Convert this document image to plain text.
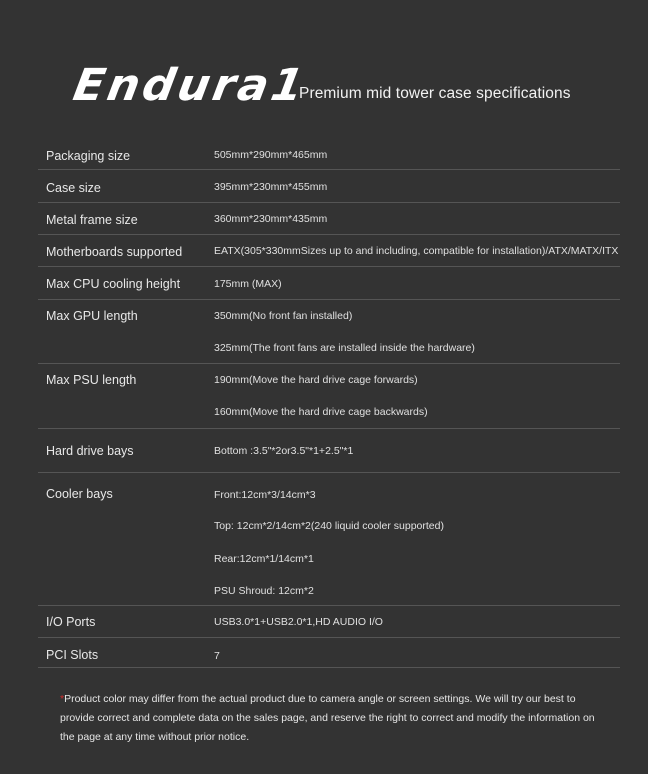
Endura1
Premium mid tower case specifications
Packaging size	505mm*290mm*465mm
Case size	395mm*230mm*455mm
Metal frame size	360mm*230mm*435mm
Motherboards supported	EATX(305*330mmSizes up to and including, compatible for installation)/ATX/MATX/ITX
Max CPU cooling height	175mm (MAX)
Max GPU length	350mm(No front fan installed)
325mm(The front fans are installed inside the hardware)
Max PSU length	190mm(Move the hard drive cage forwards)
160mm(Move the hard drive cage backwards)
Hard drive bays	Bottom :3.5"*2or3.5"*1+2.5"*1
Cooler bays	Front:12cm*3/14cm*3
Top: 12cm*2/14cm*2(240 liquid cooler supported)
Rear:12cm*1/14cm*1
PSU Shroud: 12cm*2
I/O Ports	USB3.0*1+USB2.0*1,HD AUDIO I/O
PCI Slots	7
*Product color may differ from the actual product due to camera angle or screen settings. We will try our best to provide correct and complete data on the sales page, and reserve the right to correct and modify the information on the page at any time without prior notice.
